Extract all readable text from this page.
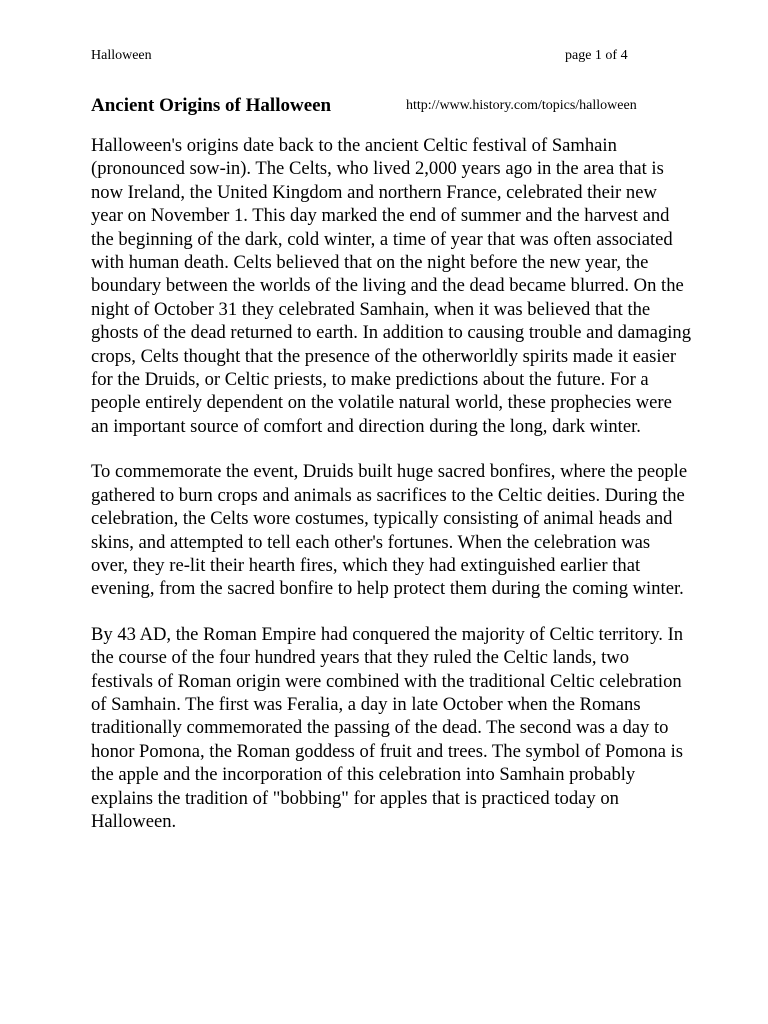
Halloween	page 1 of 4
Ancient Origins of Halloween	http://www.history.com/topics/halloween

Halloween's origins date back to the ancient Celtic festival of Samhain (pronounced sow-in). The Celts, who lived 2,000 years ago in the area that is now Ireland, the United Kingdom and northern France, celebrated their new year on November 1. This day marked the end of summer and the harvest and the beginning of the dark, cold winter, a time of year that was often associated with human death. Celts believed that on the night before the new year, the boundary between the worlds of the living and the dead became blurred. On the night of October 31 they celebrated Samhain, when it was believed that the ghosts of the dead returned to earth. In addition to causing trouble and damaging crops, Celts thought that the presence of the otherworldly spirits made it easier for the Druids, or Celtic priests, to make predictions about the future. For a people entirely dependent on the volatile natural world, these prophecies were an important source of comfort and direction during the long, dark winter.

To commemorate the event, Druids built huge sacred bonfires, where the people gathered to burn crops and animals as sacrifices to the Celtic deities. During the celebration, the Celts wore costumes, typically consisting of animal heads and skins, and attempted to tell each other's fortunes. When the celebration was over, they re-lit their hearth fires, which they had extinguished earlier that evening, from the sacred bonfire to help protect them during the coming winter.

By 43 AD, the Roman Empire had conquered the majority of Celtic territory. In the course of the four hundred years that they ruled the Celtic lands, two festivals of Roman origin were combined with the traditional Celtic celebration of Samhain. The first was Feralia, a day in late October when the Romans traditionally commemorated the passing of the dead. The second was a day to honor Pomona, the Roman goddess of fruit and trees. The symbol of Pomona is the apple and the incorporation of this celebration into Samhain probably explains the tradition of "bobbing" for apples that is practiced today on Halloween.
